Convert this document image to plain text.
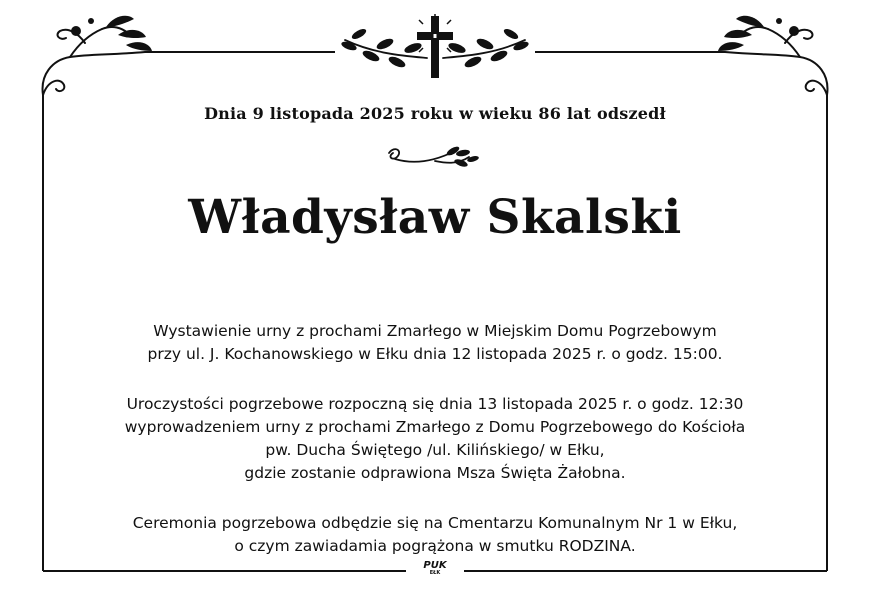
Dnia 9 listopada 2025 roku w wieku 86 lat odszedł
Władysław Skalski
Wystawienie urny z prochami Zmarłego w Miejskim Domu Pogrzebowym
przy ul. J. Kochanowskiego w Ełku dnia 12 listopada 2025 r. o godz. 15:00.
Uroczystości pogrzebowe rozpoczną się dnia 13 listopada 2025 r. o godz. 12:30
wyprowadzeniem urny z prochami Zmarłego z Domu Pogrzebowego do Kościoła
pw. Ducha Świętego /ul. Kilińskiego/ w Ełku,
gdzie zostanie odprawiona Msza Święta Żałobna.
Ceremonia pogrzebowa odbędzie się na Cmentarzu Komunalnym Nr 1 w Ełku,
o czym zawiadamia pogrążona w smutku RODZINA.
PUK
EŁK
